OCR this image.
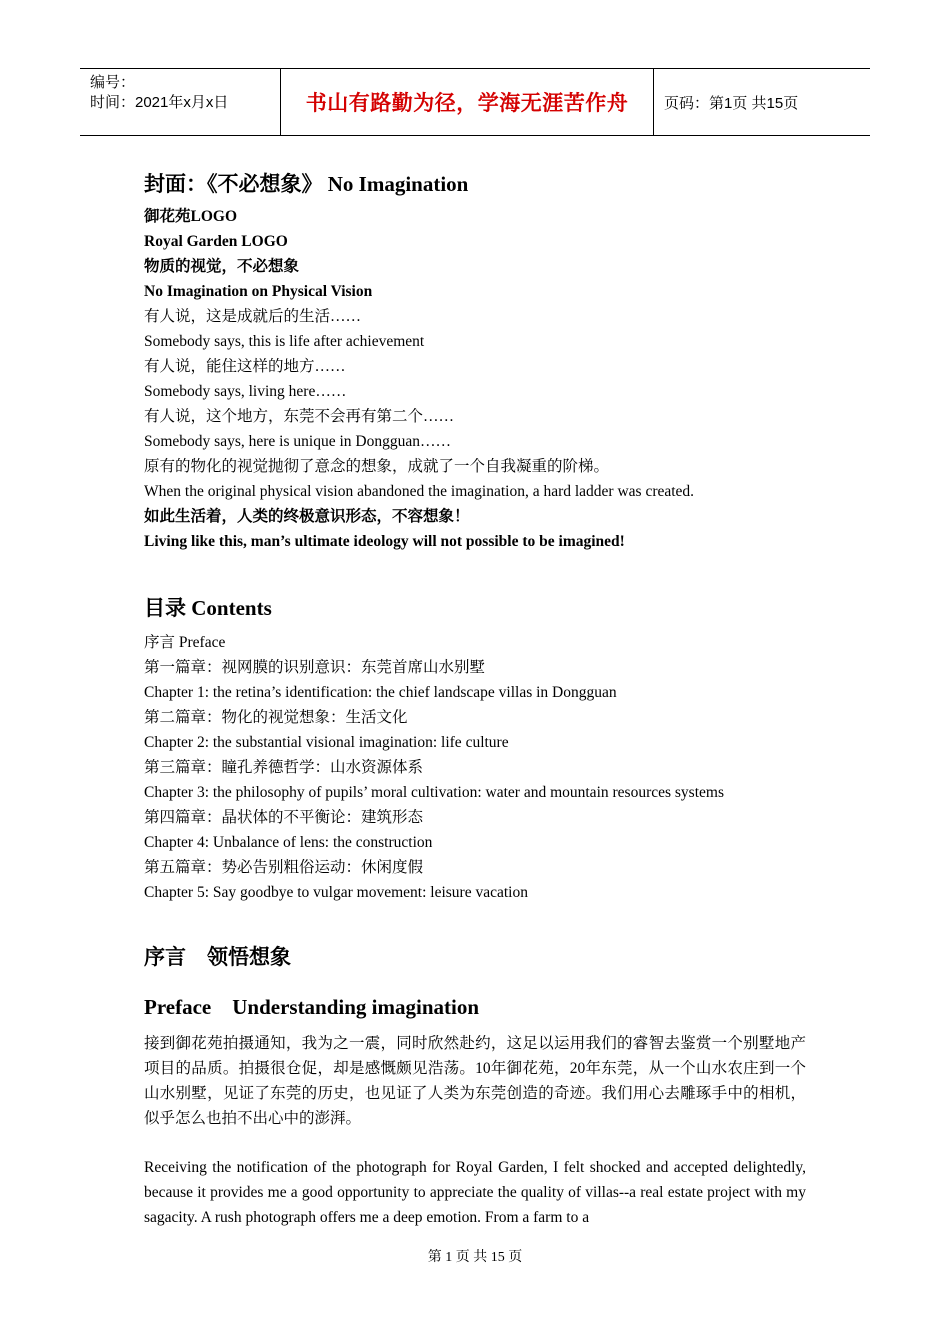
编号：
时间：2021年x月x日	书山有路勤为径，学海无涯苦作舟 页码：第1页 共15页

封面：《不必想象》 No Imagination

御花苑LOGO

Royal Garden LOGO

物质的视觉，不必想象

No Imagination on Physical Vision

有人说，这是成就后的生活……

Somebody says, this is life after achievement

有人说，能住这样的地方……

Somebody says, living here……

有人说，这个地方，东莞不会再有第二个……

Somebody says, here is unique in Dongguan……

原有的物化的视觉抛彻了意念的想象，成就了一个自我凝重的阶梯。

When the original physical vision abandoned the imagination, a hard ladder was created.

如此生活着，人类的终极意识形态，不容想象！

Living like this, man’s ultimate ideology will not possible to be imagined!

目录 Contents

序言 Preface

第一篇章：视网膜的识别意识：东莞首席山水别墅

Chapter 1: the retina’s identification: the chief landscape villas in Dongguan

第二篇章：物化的视觉想象：生活文化

Chapter 2: the substantial visional imagination: life culture

第三篇章：瞳孔养德哲学：山水资源体系

Chapter 3: the philosophy of pupils’ moral cultivation: water and mountain resources systems

第四篇章：晶状体的不平衡论：建筑形态

Chapter 4: Unbalance of lens: the construction

第五篇章：势必告别粗俗运动：休闲度假

Chapter 5: Say goodbye to vulgar movement: leisure vacation

序言    领悟想象

Preface    Understanding imagination

接到御花苑拍摄通知，我为之一震，同时欣然赴约，这足以运用我们的睿智去鉴赏一个别墅地产项目的品质。拍摄很仓促，却是感慨颇见浩荡。10年御花苑，20年东莞，从一个山水农庄到一个山水别墅，见证了东莞的历史，也见证了人类为东莞创造的奇迹。我们用心去雕琢手中的相机，似乎怎么也拍不出心中的澎湃。

Receiving the notification of the photograph for Royal Garden, I felt shocked and accepted delightedly, because it provides me a good opportunity to appreciate the quality of villas--a real estate project with my sagacity. A rush photograph offers me a deep emotion. From a farm to a

第 1 页 共 15 页
